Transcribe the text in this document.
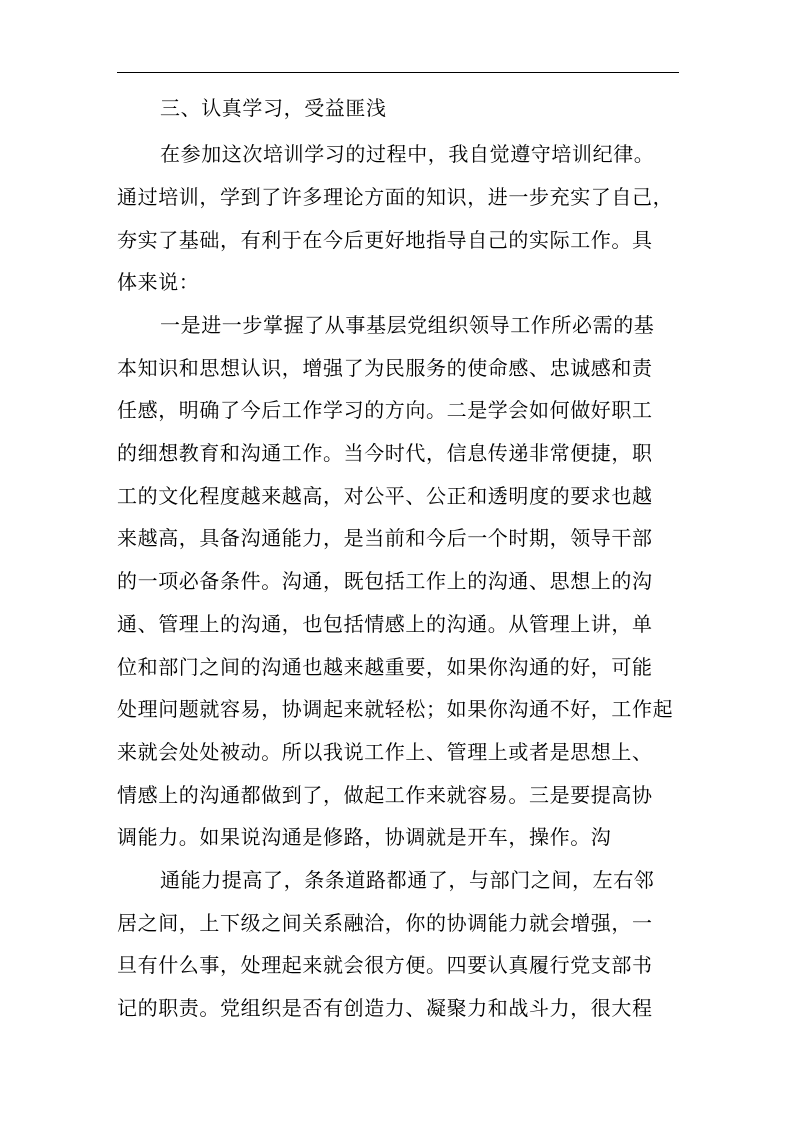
三、认真学习，受益匪浅
在参加这次培训学习的过程中，我自觉遵守培训纪律。
通过培训，学到了许多理论方面的知识，进一步充实了自己，
夯实了基础，有利于在今后更好地指导自己的实际工作。具
体来说：
一是进一步掌握了从事基层党组织领导工作所必需的基
本知识和思想认识，增强了为民服务的使命感、忠诚感和责
任感，明确了今后工作学习的方向。二是学会如何做好职工
的细想教育和沟通工作。当今时代，信息传递非常便捷，职
工的文化程度越来越高，对公平、公正和透明度的要求也越
来越高，具备沟通能力，是当前和今后一个时期，领导干部
的一项必备条件。沟通，既包括工作上的沟通、思想上的沟
通、管理上的沟通，也包括情感上的沟通。从管理上讲，单
位和部门之间的沟通也越来越重要，如果你沟通的好，可能
处理问题就容易，协调起来就轻松；如果你沟通不好，工作起
来就会处处被动。所以我说工作上、管理上或者是思想上、
情感上的沟通都做到了，做起工作来就容易。三是要提高协
调能力。如果说沟通是修路，协调就是开车，操作。沟
通能力提高了，条条道路都通了，与部门之间，左右邻
居之间，上下级之间关系融洽，你的协调能力就会增强，一
旦有什么事，处理起来就会很方便。四要认真履行党支部书
记的职责。党组织是否有创造力、凝聚力和战斗力，很大程
